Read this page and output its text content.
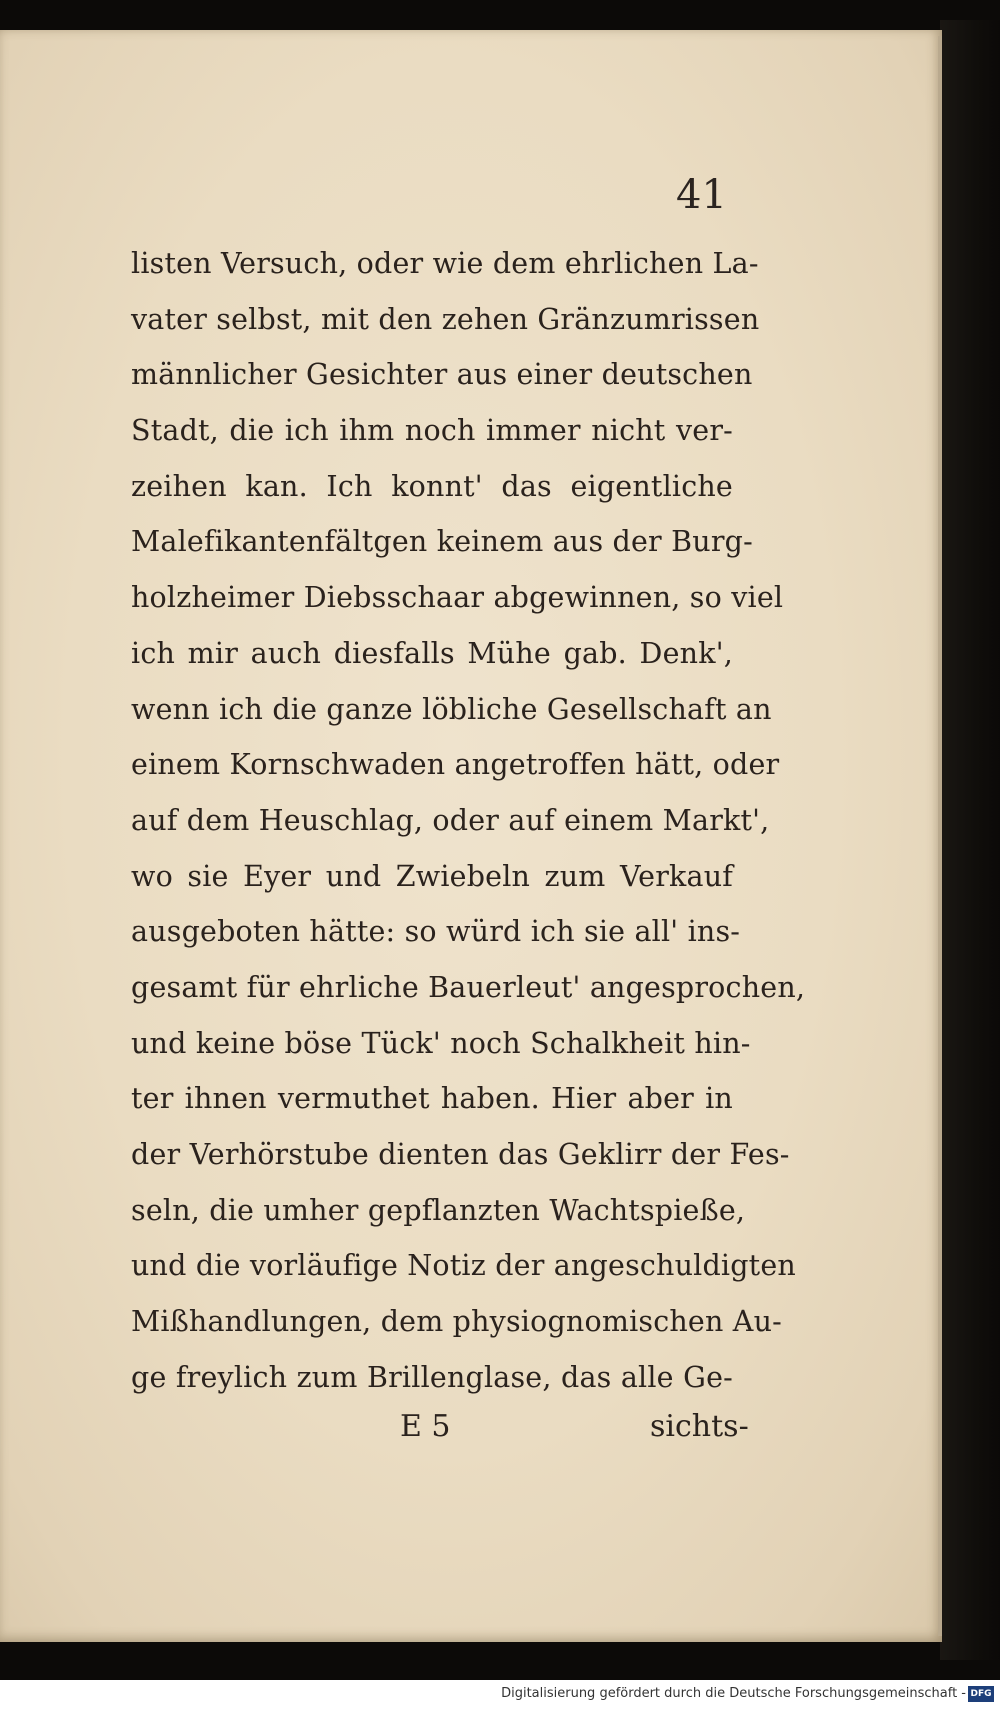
41
listen Versuch, oder wie dem ehrlichen La-
vater selbst, mit den zehen Gränzumrissen
männlicher Gesichter aus einer deutschen
Stadt, die ich ihm noch immer nicht ver-
zeihen kan. Ich konnt' das eigentliche
Malefikantenfältgen keinem aus der Burg-
holzheimer Diebsschaar abgewinnen, so viel
ich mir auch diesfalls Mühe gab. Denk',
wenn ich die ganze löbliche Gesellschaft an
einem Kornschwaden angetroffen hätt, oder
auf dem Heuschlag, oder auf einem Markt',
wo sie Eyer und Zwiebeln zum Verkauf
ausgeboten hätte: so würd ich sie all' ins-
gesamt für ehrliche Bauerleut' angesprochen,
und keine böse Tück' noch Schalkheit hin-
ter ihnen vermuthet haben. Hier aber in
der Verhörstube dienten das Geklirr der Fes-
seln, die umher gepflanzten Wachtspieße,
und die vorläufige Notiz der angeschuldigten
Mißhandlungen, dem physiognomischen Au-
ge freylich zum Brillenglase, das alle Ge-
E 5	sichts-
Digitalisierung gefördert durch die Deutsche Forschungsgemeinschaft - DFG
